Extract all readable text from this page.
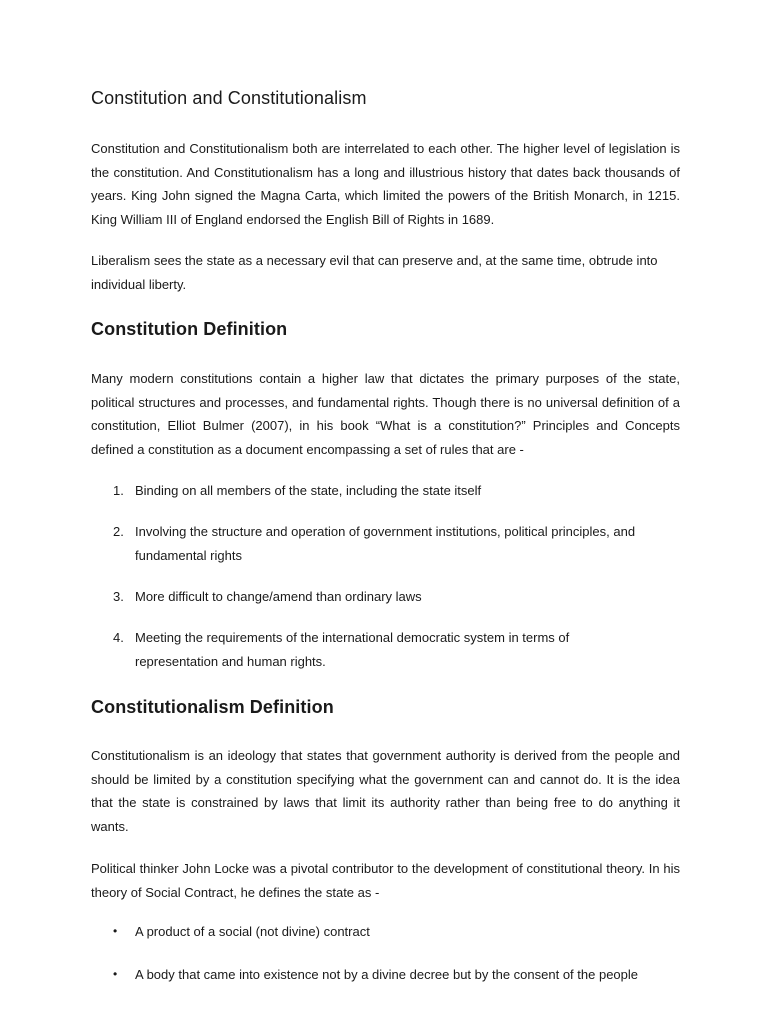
Constitution and Constitutionalism

Constitution and Constitutionalism both are interrelated to each other. The higher level of legislation is the constitution. And Constitutionalism has a long and illustrious history that dates back thousands of years. King John signed the Magna Carta, which limited the powers of the British Monarch, in 1215. King William III of England endorsed the English Bill of Rights in 1689.

Liberalism sees the state as a necessary evil that can preserve and, at the same time, obtrude into individual liberty.

Constitution Definition

Many modern constitutions contain a higher law that dictates the primary purposes of the state, political structures and processes, and fundamental rights. Though there is no universal definition of a constitution, Elliot Bulmer (2007), in his book “What is a constitution?” Principles and Concepts defined a constitution as a document encompassing a set of rules that are -

1. Binding on all members of the state, including the state itself
2. Involving the structure and operation of government institutions, political principles, and fundamental rights
3. More difficult to change/amend than ordinary laws
4. Meeting the requirements of the international democratic system in terms of representation and human rights.
Constitutionalism Definition

Constitutionalism is an ideology that states that government authority is derived from the people and should be limited by a constitution specifying what the government can and cannot do. It is the idea that the state is constrained by laws that limit its authority rather than being free to do anything it wants.

Political thinker John Locke was a pivotal contributor to the development of constitutional theory. In his theory of Social Contract, he defines the state as -

• A product of a social (not divine) contract
• A body that came into existence not by a divine decree but by the consent of the people
